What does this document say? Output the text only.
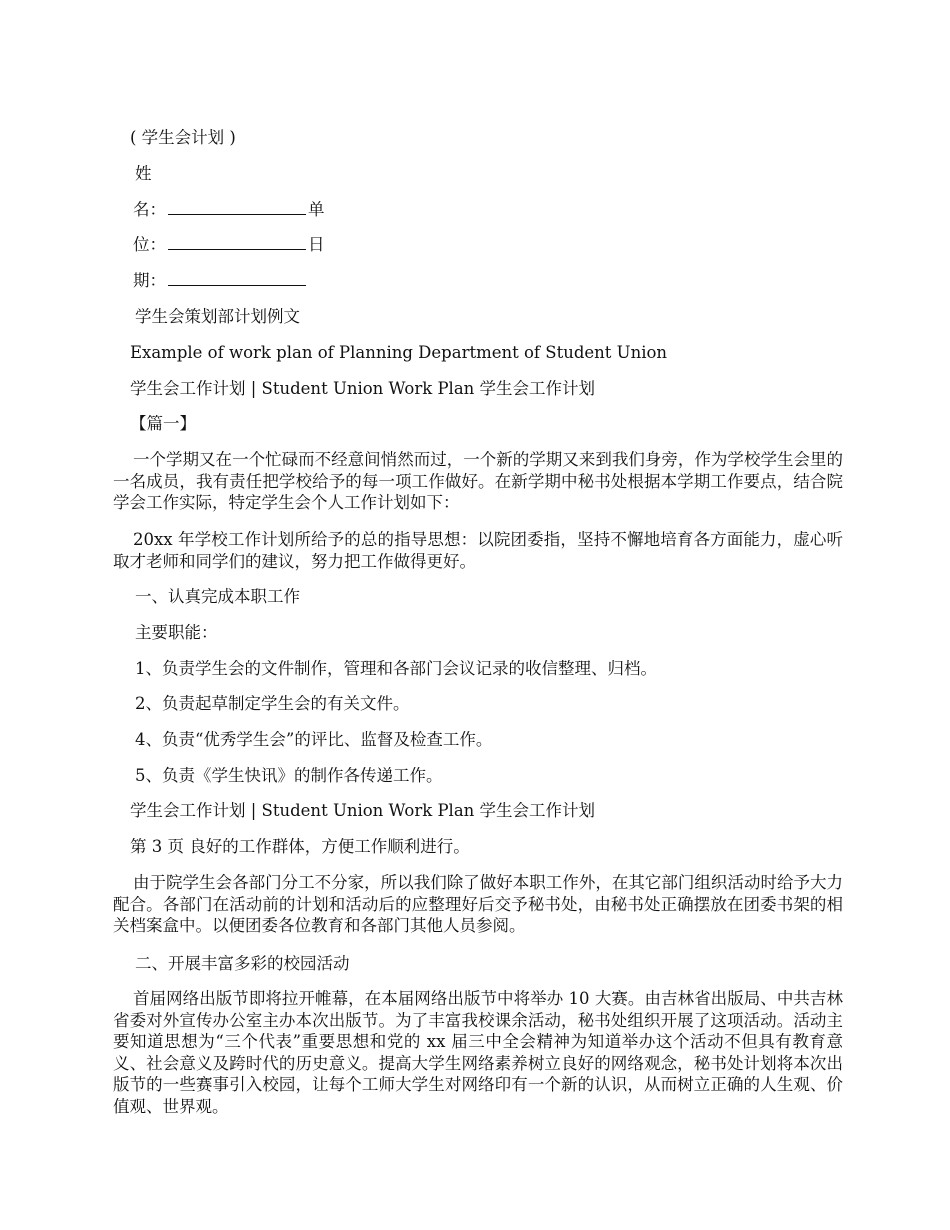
( 学生会计划 )
姓
名：	单
位：	日
期：
学生会策划部计划例文
Example of work plan of Planning Department of Student Union
学生会工作计划 | Student Union Work Plan 学生会工作计划
【篇一】
一个学期又在一个忙碌而不经意间悄然而过，一个新的学期又来到我们身旁，作为学校学生会里的一名成员，我有责任把学校给予的每一项工作做好。在新学期中秘书处根据本学期工作要点，结合院学会工作实际，特定学生会个人工作计划如下：
20xx 年学校工作计划所给予的总的指导思想：以院团委指，坚持不懈地培育各方面能力，虚心听取才老师和同学们的建议，努力把工作做得更好。
一、认真完成本职工作
主要职能：
1、负责学生会的文件制作，管理和各部门会议记录的收信整理、归档。
2、负责起草制定学生会的有关文件。
4、负责“优秀学生会”的评比、监督及检查工作。
5、负责《学生快讯》的制作各传递工作。
学生会工作计划 | Student Union Work Plan 学生会工作计划
第 3 页 良好的工作群体，方便工作顺利进行。
由于院学生会各部门分工不分家，所以我们除了做好本职工作外，在其它部门组织活动时给予大力配合。各部门在活动前的计划和活动后的应整理好后交予秘书处，由秘书处正确摆放在团委书架的相关档案盒中。以便团委各位教育和各部门其他人员参阅。
二、开展丰富多彩的校园活动
首届网络出版节即将拉开帷幕，在本届网络出版节中将举办 10 大赛。由吉林省出版局、中共吉林省委对外宣传办公室主办本次出版节。为了丰富我校课余活动，秘书处组织开展了这项活动。活动主要知道思想为“三个代表”重要思想和党的 xx 届三中全会精神为知道举办这个活动不但具有教育意义、社会意义及跨时代的历史意义。提高大学生网络素养树立良好的网络观念，秘书处计划将本次出版节的一些赛事引入校园，让每个工师大学生对网络印有一个新的认识，从而树立正确的人生观、价值观、世界观。
